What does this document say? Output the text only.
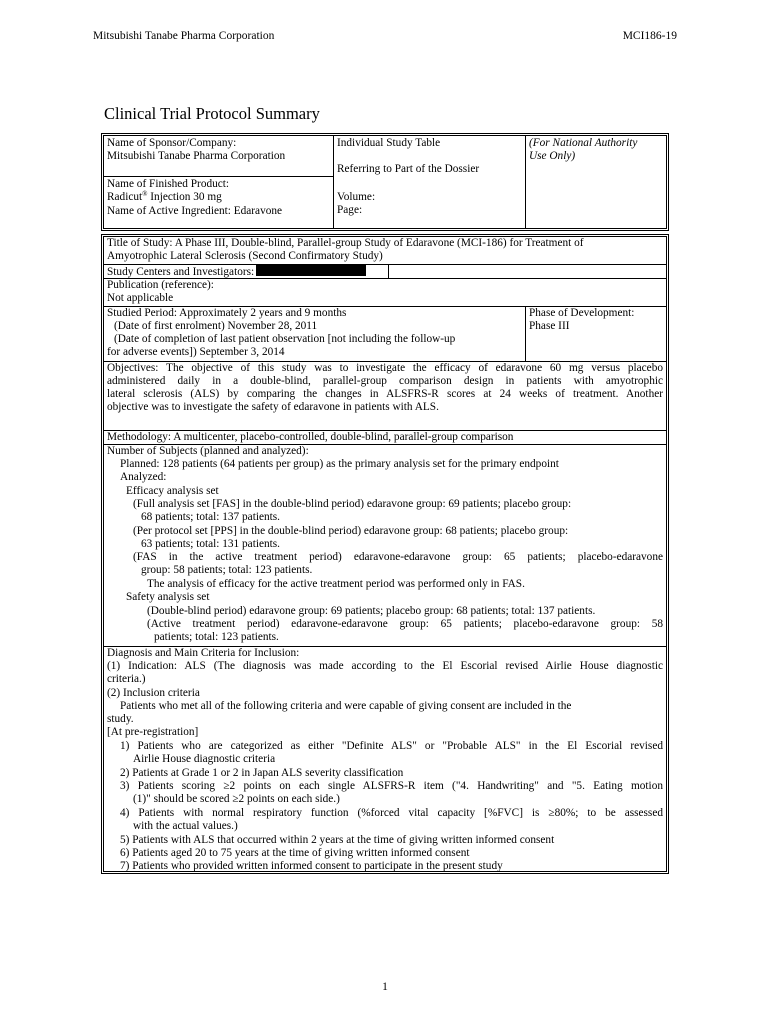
Mitsubishi Tanabe Pharma Corporation	MCI186-19
Clinical Trial Protocol Summary
Name of Sponsor/Company:
Mitsubishi Tanabe Pharma Corporation
Name of Finished Product:
Radicut® Injection 30 mg
Name of Active Ingredient: Edaravone
Individual Study Table
Referring to Part of the Dossier
Volume:
Page:
(For National Authority
Use Only)
Title of Study: A Phase III, Double-blind, Parallel-group Study of Edaravone (MCI-186) for Treatment of
Amyotrophic Lateral Sclerosis (Second Confirmatory Study)
Study Centers and Investigators:
Publication (reference):
Not applicable
Studied Period: Approximately 2 years and 9 months
(Date of first enrolment) November 28, 2011
(Date of completion of last patient observation [not including the follow-up
for adverse events]) September 3, 2014
Phase of Development:
Phase III
Objectives: The objective of this study was to investigate the efficacy of edaravone 60 mg versus placebo
administered daily in a double-blind, parallel-group comparison design in patients with amyotrophic
lateral sclerosis (ALS) by comparing the changes in ALSFRS-R scores at 24 weeks of treatment. Another
objective was to investigate the safety of edaravone in patients with ALS.
Methodology: A multicenter, placebo-controlled, double-blind, parallel-group comparison
Number of Subjects (planned and analyzed):
Planned: 128 patients (64 patients per group) as the primary analysis set for the primary endpoint
Analyzed:
Efficacy analysis set
(Full analysis set [FAS] in the double-blind period) edaravone group: 69 patients; placebo group:
68 patients; total: 137 patients.
(Per protocol set [PPS] in the double-blind period) edaravone group: 68 patients; placebo group:
63 patients; total: 131 patients.
(FAS in the active treatment period) edaravone-edaravone group: 65 patients; placebo-edaravone
group: 58 patients; total: 123 patients.
The analysis of efficacy for the active treatment period was performed only in FAS.
Safety analysis set
(Double-blind period) edaravone group: 69 patients; placebo group: 68 patients; total: 137 patients.
(Active treatment period) edaravone-edaravone group: 65 patients; placebo-edaravone group: 58
patients; total: 123 patients.
Diagnosis and Main Criteria for Inclusion:
(1) Indication: ALS (The diagnosis was made according to the El Escorial revised Airlie House diagnostic
criteria.)
(2) Inclusion criteria
Patients who met all of the following criteria and were capable of giving consent are included in the
study.
[At pre-registration]
1) Patients who are categorized as either "Definite ALS" or "Probable ALS" in the El Escorial revised
Airlie House diagnostic criteria
2) Patients at Grade 1 or 2 in Japan ALS severity classification
3) Patients scoring ≥2 points on each single ALSFRS-R item ("4. Handwriting" and "5. Eating motion
(1)" should be scored ≥2 points on each side.)
4) Patients with normal respiratory function (%forced vital capacity [%FVC] is ≥80%; to be assessed
with the actual values.)
5) Patients with ALS that occurred within 2 years at the time of giving written informed consent
6) Patients aged 20 to 75 years at the time of giving written informed consent
7) Patients who provided written informed consent to participate in the present study
1
